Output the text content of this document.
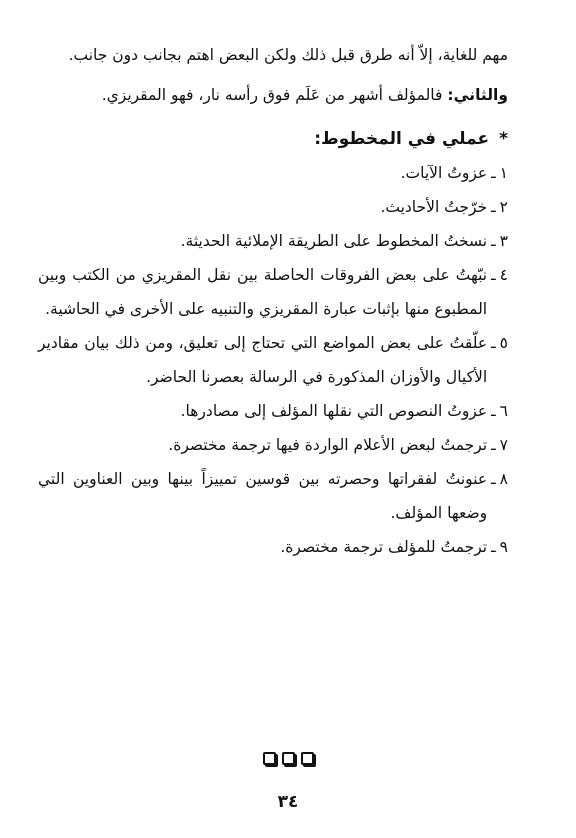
مهم للغاية، إلاّ أنه طرق قبل ذلك ولكن البعض اهتم بجانب دون جانب.

والثاني: فالمؤلف أشهر من عَلَم فوق رأسه نار، فهو المقريزي.

*عملي في المخطوط:

١
ـ
عزوتُ الآيات.
٢
ـ
خرّجتُ الأحاديث.
٣
ـ
نسختُ المخطوط على الطريقة الإملائية الحديثة.
٤
ـ
نبّهتُ على بعض الفروقات الحاصلة بين نقل المقريزي من الكتب وبين المطبوع منها بإثبات عبارة المقريزي والتنبيه على الأخرى في الحاشية.
٥
ـ
علّقتُ على بعض المواضع التي تحتاج إلى تعليق، ومن ذلك بيان مقادير الأكيال والأوزان المذكورة في الرسالة بعصرنا الحاضر.
٦
ـ
عزوتُ النصوص التي نقلها المؤلف إلى مصادرها.
٧
ـ
ترجمتُ لبعض الأعلام الواردة فيها ترجمة مختصرة.
٨
ـ
عنونتُ لفقراتها وحصرته بين قوسين تمييزاً بينها وبين العناوين التي وضعها المؤلف.
٩
ـ
ترجمتُ للمؤلف ترجمة مختصرة.
٣٤
